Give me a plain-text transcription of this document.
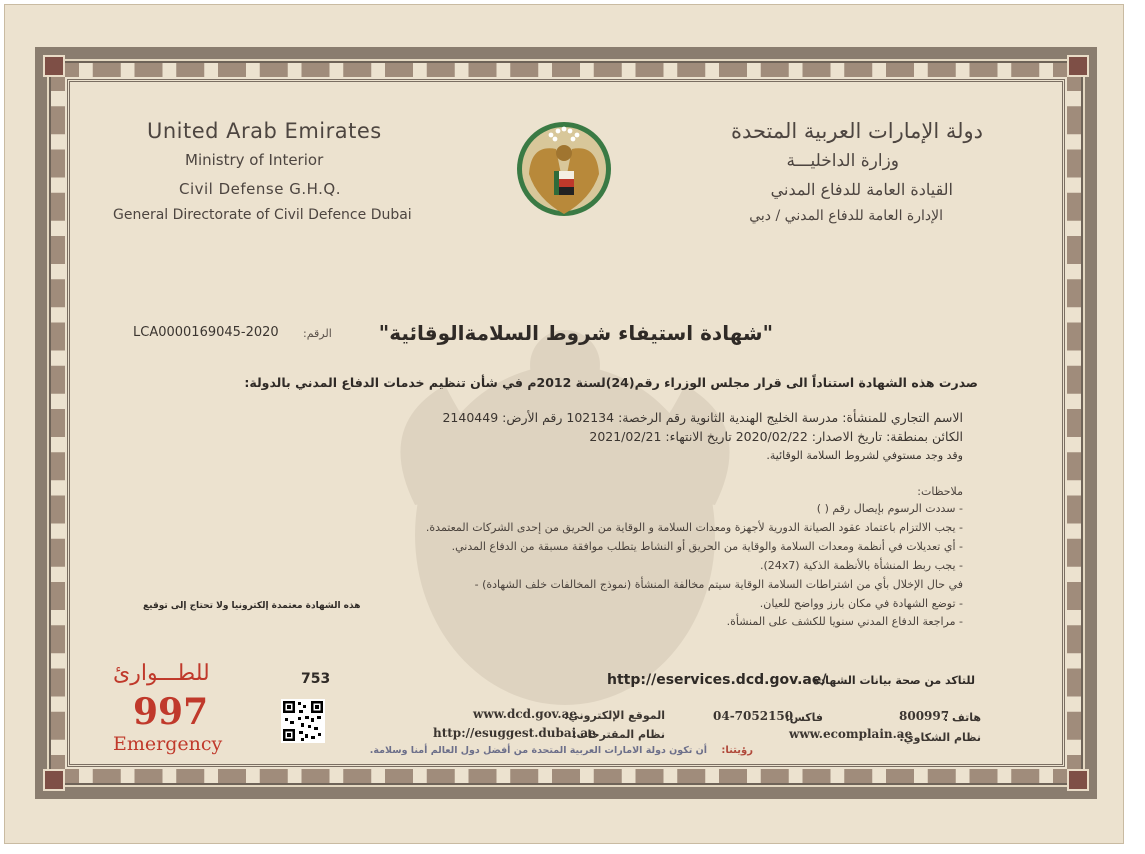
United Arab Emirates
Ministry of Interior
Civil Defense G.H.Q.
General Directorate of Civil Defence Dubai
دولة الإمارات العربية المتحدة
وزارة الداخليـــة
القيادة العامة للدفاع المدني
الإدارة العامة للدفاع المدني / دبي
"شهادة استيفاء شروط السلامةالوقائية"
LCA0000169045-2020 الرقم:
صدرت هذه الشهادة استناداً الى قرار مجلس الوزراء رقم(24)لسنة 2012م في شأن تنظيم خدمات الدفاع المدني بالدولة:
الاسم التجاري للمنشأة: مدرسة الخليج الهندية الثانوية رقم الرخصة: 102134 رقم الأرض: 2140449
الكائن بمنطقة: تاريخ الاصدار: 2020/02/22 تاريخ الانتهاء: 2021/02/21
وقد وجد مستوفي لشروط السلامة الوقائية.
ملاحظات:
- سددت الرسوم بإيصال رقم ( )
- يجب الالتزام باعتماد عقود الصيانة الدورية لأجهزة ومعدات السلامة و الوقاية من الحريق من إحدى الشركات المعتمدة.
- أي تعديلات في أنظمة ومعدات السلامة والوقاية من الحريق أو النشاط يتطلب موافقة مسبقة من الدفاع المدني.
- يجب ربط المنشأة بالأنظمة الذكية (24x7).
في حال الإخلال بأي من اشتراطات السلامة الوقاية سيتم مخالفة المنشأة (نموذج المخالفات خلف الشهادة) -
- توضع الشهادة في مكان بارز وواضح للعيان.
- مراجعة الدفاع المدني سنويا للكشف على المنشأة.
هذه الشهادة معتمدة إلكترونيا ولا تحتاج إلى توقيع
للطـــوارئ
997
Emergency
753	http://eservices.dcd.gov.ae/
للتاكد من صحة بيانات الشهادة
هاتف :
800997
فاكس:
04-7052150
الموقع الإلكتروني:
www.dcd.gov.ae
نظام الشكاوي:
www.ecomplain.ae
نظام المقترحات:
http://esuggest.dubai.ae
رؤيتنا:
أن تكون دولة الامارات العربية المتحدة من أفضل دول العالم أمنا وسلامة.
